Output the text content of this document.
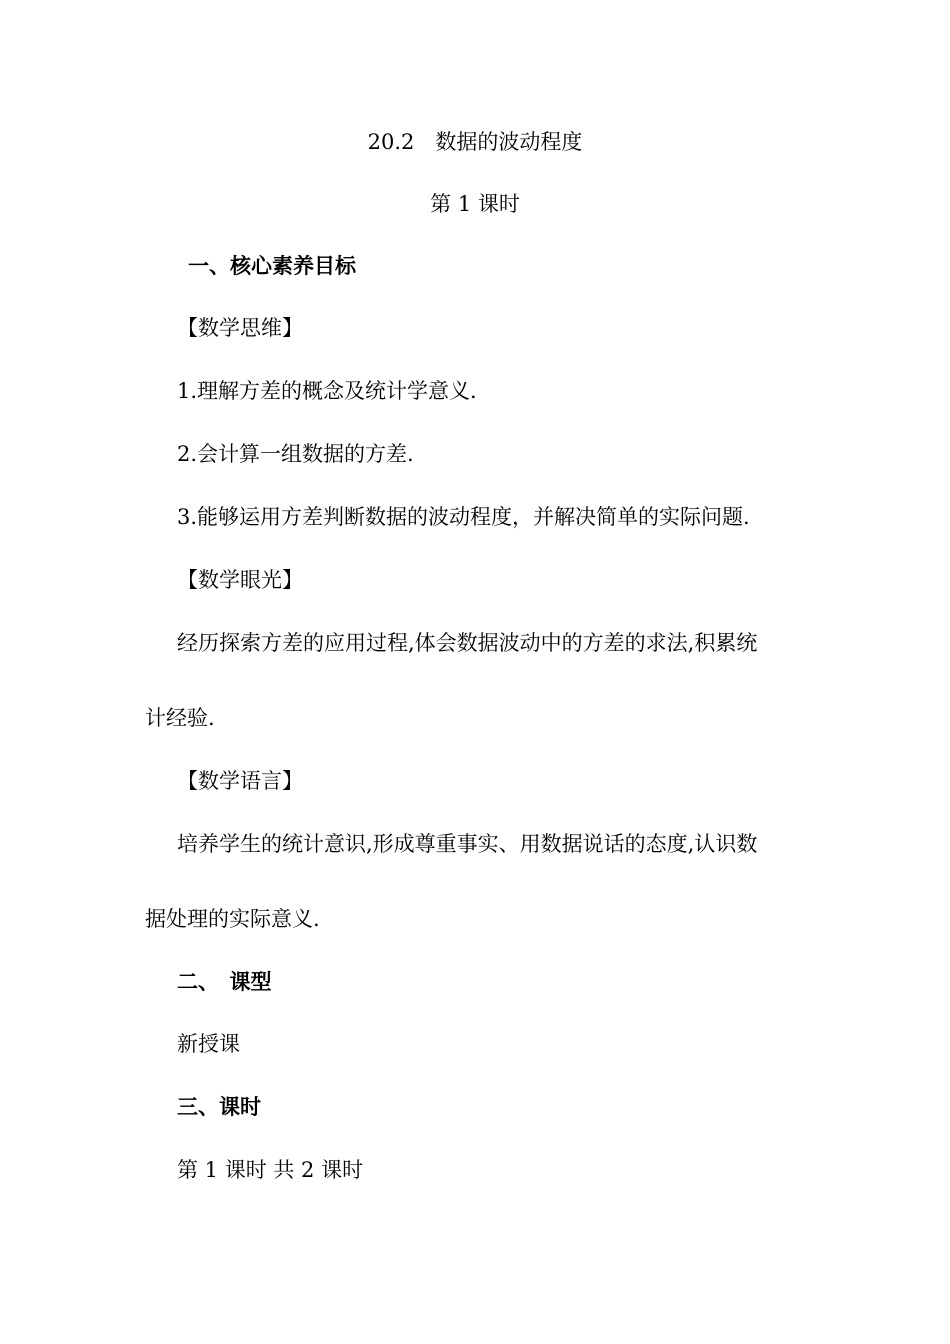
20.2　数据的波动程度
第 1 课时
一、核心素养目标
【数学思维】
1.理解方差的概念及统计学意义.
2.会计算一组数据的方差.
3.能够运用方差判断数据的波动程度，并解决简单的实际问题.
【数学眼光】
经历探索方差的应用过程,体会数据波动中的方差的求法,积累统
计经验.
【数学语言】
培养学生的统计意识,形成尊重事实、用数据说话的态度,认识数
据处理的实际意义.
二、　课型
新授课
三、课时
第 1 课时 共 2 课时
